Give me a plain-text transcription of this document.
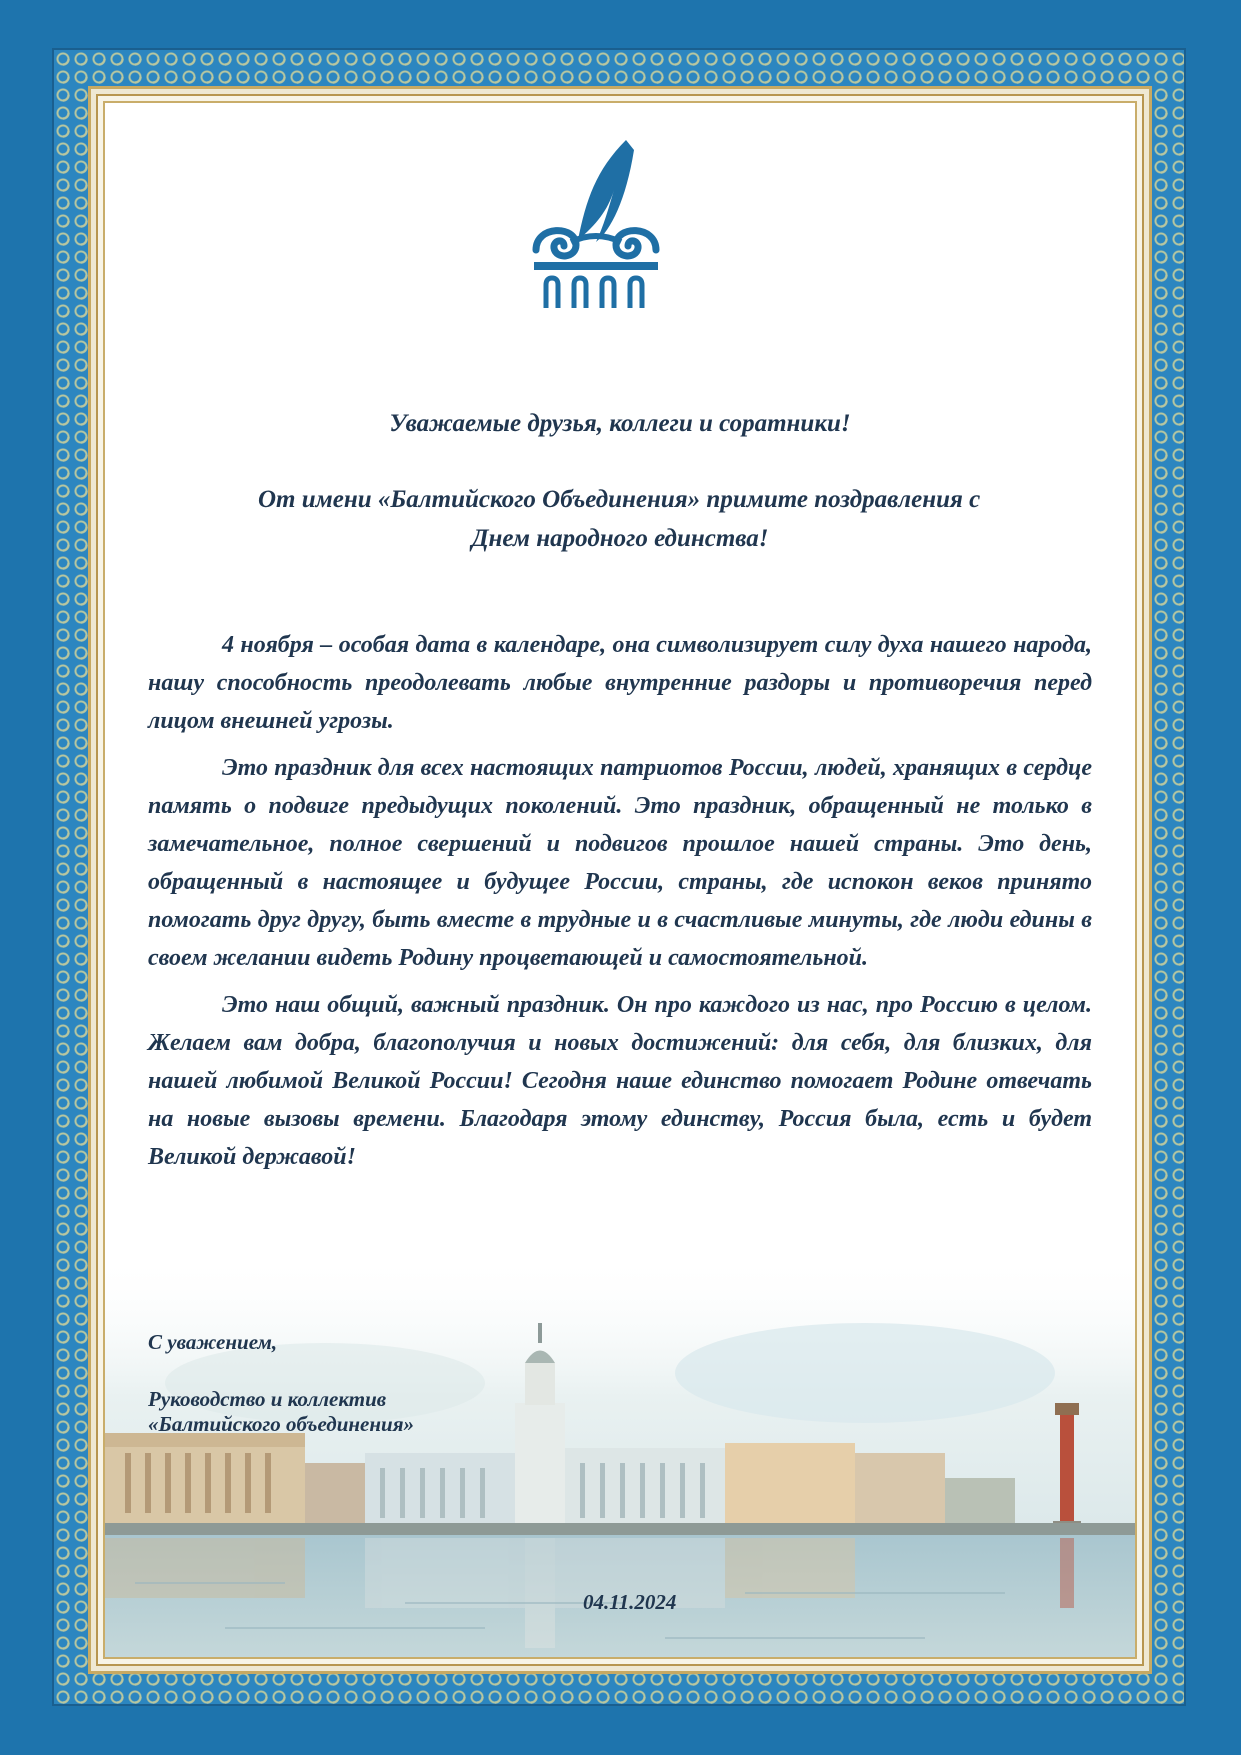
Уважаемые друзья, коллеги и соратники!
От имени «Балтийского Объединения» примите поздравления с
Днем народного единства!

4 ноября – особая дата в календаре, она символизирует силу духа нашего народа, нашу способность преодолевать любые внутренние раздоры и противоречия перед лицом внешней угрозы.

Это праздник для всех настоящих патриотов России, людей, хранящих в сердце память о подвиге предыдущих поколений. Это праздник, обращенный не только в замечательное, полное свершений и подвигов прошлое нашей страны. Это день, обращенный в настоящее и будущее России, страны, где испокон веков принято помогать друг другу, быть вместе в трудные и в счастливые минуты, где люди едины в своем желании видеть Родину процветающей и самостоятельной.

Это наш общий, важный праздник. Он про каждого из нас, про Россию в целом. Желаем вам добра, благополучия и новых достижений: для себя, для близких, для нашей любимой Великой России! Сегодня наше единство помогает Родине отвечать на новые вызовы времени. Благодаря этому единству, Россия была, есть и будет Великой державой!

С уважением,
Руководство и коллектив
«Балтийского объединения»
04.11.2024
